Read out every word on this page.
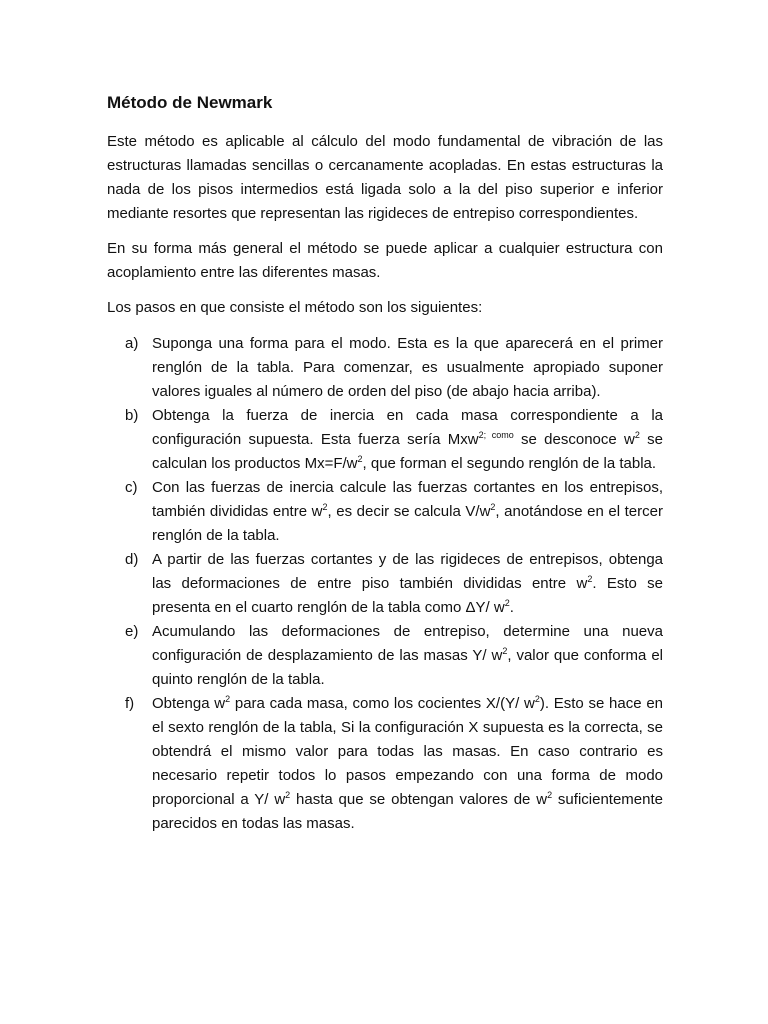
Método de Newmark

Este método es aplicable al cálculo del modo fundamental de vibración de las estructuras llamadas sencillas o cercanamente acopladas. En estas estructuras la nada de los pisos intermedios está ligada solo a la del piso superior e inferior mediante resortes que representan las rigideces de entrepiso correspondientes.

En su forma más general el método se puede aplicar a cualquier estructura con acoplamiento entre las diferentes masas.

Los pasos en que consiste el método son los siguientes:

a) Suponga una forma para el modo. Esta es la que aparecerá en el primer renglón de la tabla. Para comenzar, es usualmente apropiado suponer valores iguales al número de orden del piso (de abajo hacia arriba).
b) Obtenga la fuerza de inercia en cada masa correspondiente a la configuración supuesta. Esta fuerza sería Mxw$^{2; como}$ se desconoce $w^2$ se calculan los productos $Mx=F/w^2$, que forman el segundo renglón de la tabla.
c) Con las fuerzas de inercia calcule las fuerzas cortantes en los entrepisos, también divididas entre $w^2$, es decir se calcula $V/w^2$, anotándose en el tercer renglón de la tabla.
d) A partir de las fuerzas cortantes y de las rigideces de entrepisos, obtenga las deformaciones de entre piso también divididas entre $w^2$. Esto se presenta en el cuarto renglón de la tabla como ΔY/ $w^2$.
e) Acumulando las deformaciones de entrepiso, determine una nueva configuración de desplazamiento de las masas Y/ $w^2$, valor que conforma el quinto renglón de la tabla.
f) Obtenga $w^2$ para cada masa, como los cocientes X/(Y/ $w^2$). Esto se hace en el sexto renglón de la tabla, Si la configuración X supuesta es la correcta, se obtendrá el mismo valor para todas las masas. En caso contrario es necesario repetir todos lo pasos empezando con una forma de modo proporcional a Y/ $w^2$ hasta que se obtengan valores de $w^2$ suficientemente parecidos en todas las masas.
